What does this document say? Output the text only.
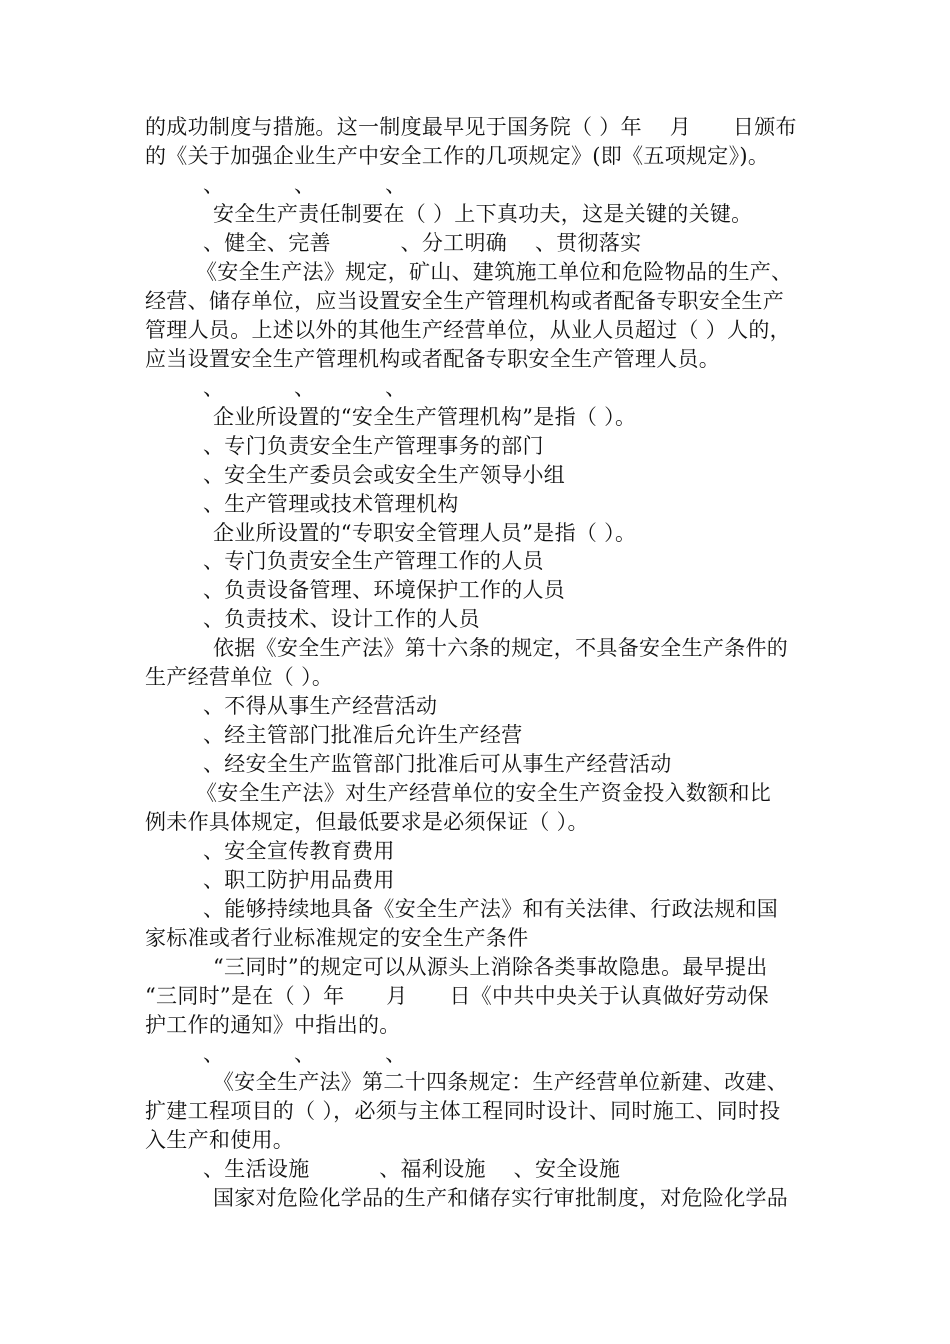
的成功制度与措施。这一制度最早见于国务院（ ）年    月      日颁布
的《关于加强企业生产中安全工作的几项规定》(即《五项规定》)。
、          、          、
安全生产责任制要在（ ）上下真功夫，这是关键的关键。
、健全、完善          、分工明确    、贯彻落实
《安全生产法》规定，矿山、建筑施工单位和危险物品的生产、
经营、储存单位，应当设置安全生产管理机构或者配备专职安全生产
管理人员。上述以外的其他生产经营单位，从业人员超过（ ）人的，
应当设置安全生产管理机构或者配备专职安全生产管理人员。
、          、          、
企业所设置的“安全生产管理机构”是指（ ）。
、专门负责安全生产管理事务的部门
、安全生产委员会或安全生产领导小组
、生产管理或技术管理机构
企业所设置的“专职安全管理人员”是指（ ）。
、专门负责安全生产管理工作的人员
、负责设备管理、环境保护工作的人员
、负责技术、设计工作的人员
依据《安全生产法》第十六条的规定，不具备安全生产条件的
生产经营单位（ ）。
、不得从事生产经营活动
、经主管部门批准后允许生产经营
、经安全生产监管部门批准后可从事生产经营活动
《安全生产法》对生产经营单位的安全生产资金投入数额和比
例未作具体规定，但最低要求是必须保证（ ）。
、安全宣传教育费用
、职工防护用品费用
、能够持续地具备《安全生产法》和有关法律、行政法规和国
家标准或者行业标准规定的安全生产条件
“三同时”的规定可以从源头上消除各类事故隐患。最早提出
“三同时”是在（ ）年      月      日《中共中央关于认真做好劳动保
护工作的通知》中指出的。
、          、          、
《安全生产法》第二十四条规定：生产经营单位新建、改建、
扩建工程项目的（ ），必须与主体工程同时设计、同时施工、同时投
入生产和使用。
、生活设施          、福利设施    、安全设施
国家对危险化学品的生产和储存实行审批制度，对危险化学品
